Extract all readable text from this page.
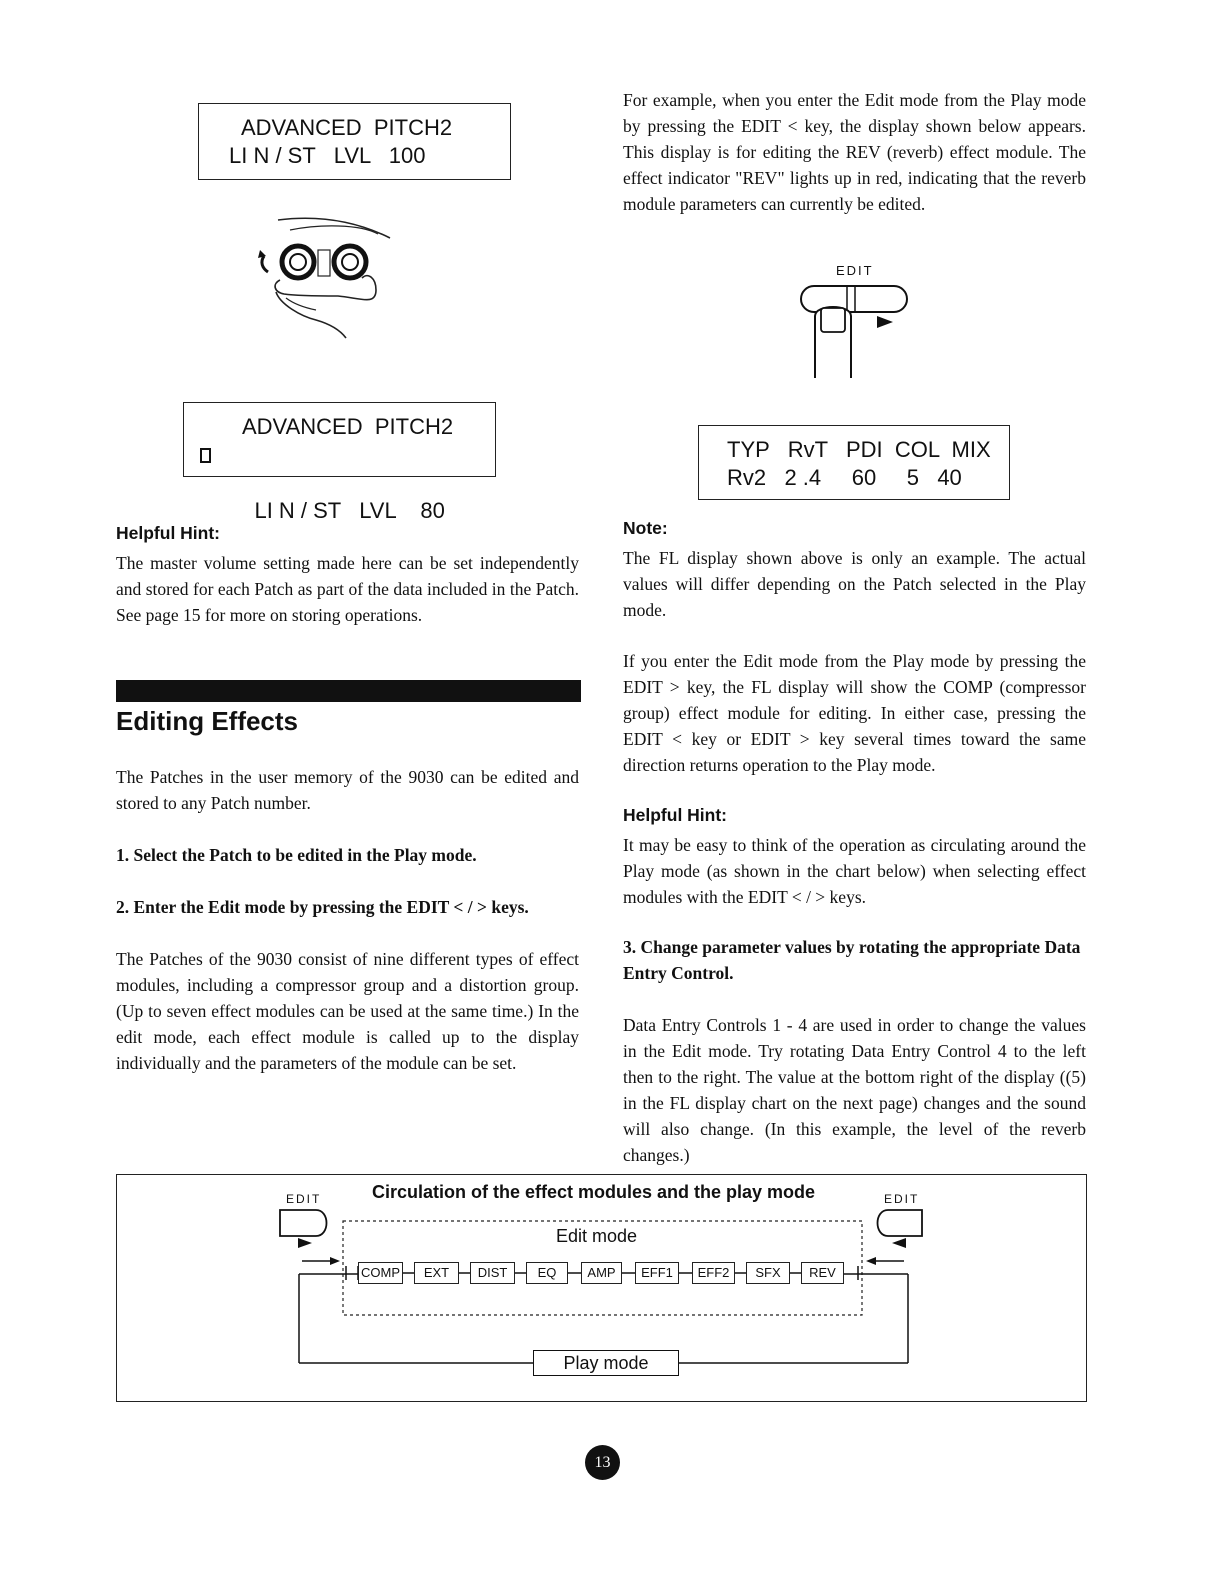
ADVANCED  PITCH2
LI N / ST   LVL   100
ADVANCED  PITCH2

LI N / ST   LVL    80

Helpful Hint:

The master volume setting made here can be set independently and stored for each Patch as part of the data included in the Patch. See page 15 for more on storing operations.

Editing Effects

The Patches in the user memory of the 9030 can be edited and stored to any Patch number.

1. Select the Patch to be edited in the Play mode.

2. Enter the Edit mode by pressing the EDIT < / > keys.

The Patches of the 9030 consist of nine different types of effect modules, including a compressor group and a distortion group. (Up to seven effect modules can be used at the same time.) In the edit mode, each effect module is called up to the display individually and the parameters of the module can be set.

For example, when you enter the Edit mode from the Play mode by pressing the EDIT < key, the display shown below appears. This display is for editing the REV (reverb) effect module. The effect indicator "REV" lights up in red, indicating that the reverb module parameters can currently be edited.

EDIT
TYP   RvT   PDI  COL  MIX
Rv2   2 .4     60     5   40

Note:

The FL display shown above is only an example. The actual values will differ depending on the Patch selected in the Play mode.

If you enter the Edit mode from the Play mode by pressing the EDIT > key, the FL display will show the COMP (compressor group) effect module for editing. In either case, pressing the EDIT < key or EDIT > key several times toward the same direction returns operation to the Play mode.

Helpful Hint:

It may be easy to think of the operation as circulating around the Play mode (as shown in the chart below) when selecting effect modules with the EDIT < / > keys.

3. Change parameter values by rotating the appropriate Data Entry Control.

Data Entry Controls 1 - 4 are used in order to change the values in the Edit mode. Try rotating Data Entry Control 4 to the left then to the right. The value at the bottom right of the display ((5) in the FL display chart on the next page) changes and the sound will also change. (In this example, the level of the reverb changes.)

Circulation of the effect modules and the play mode
EDIT	EDIT
Edit mode
COMP	EXT	DIST	EQ	AMP	EFF1	EFF2	SFX	REV
Play mode
13
